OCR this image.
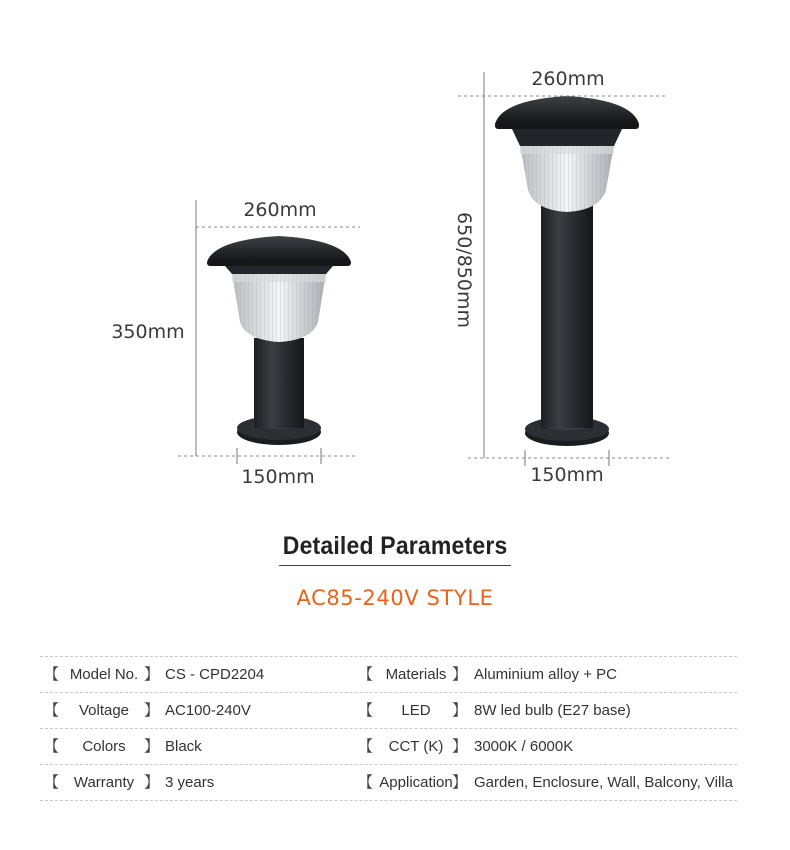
260mm
350mm
150mm
260mm
650/850mm
150mm
Detailed Parameters
AC85-240V STYLE
【 Model No. 】 CS - CPD2204	【 Materials 】 Aluminium alloy + PC
【	Voltage 】 AC100-240V	【	LED	】 8W led bulb (E27 base)
【	Colors	】 Black	【	CCT (K) 】 3000K / 6000K
【 Warranty 】 3 years	【 Application 】 Garden, Enclosure, Wall, Balcony, Villa
